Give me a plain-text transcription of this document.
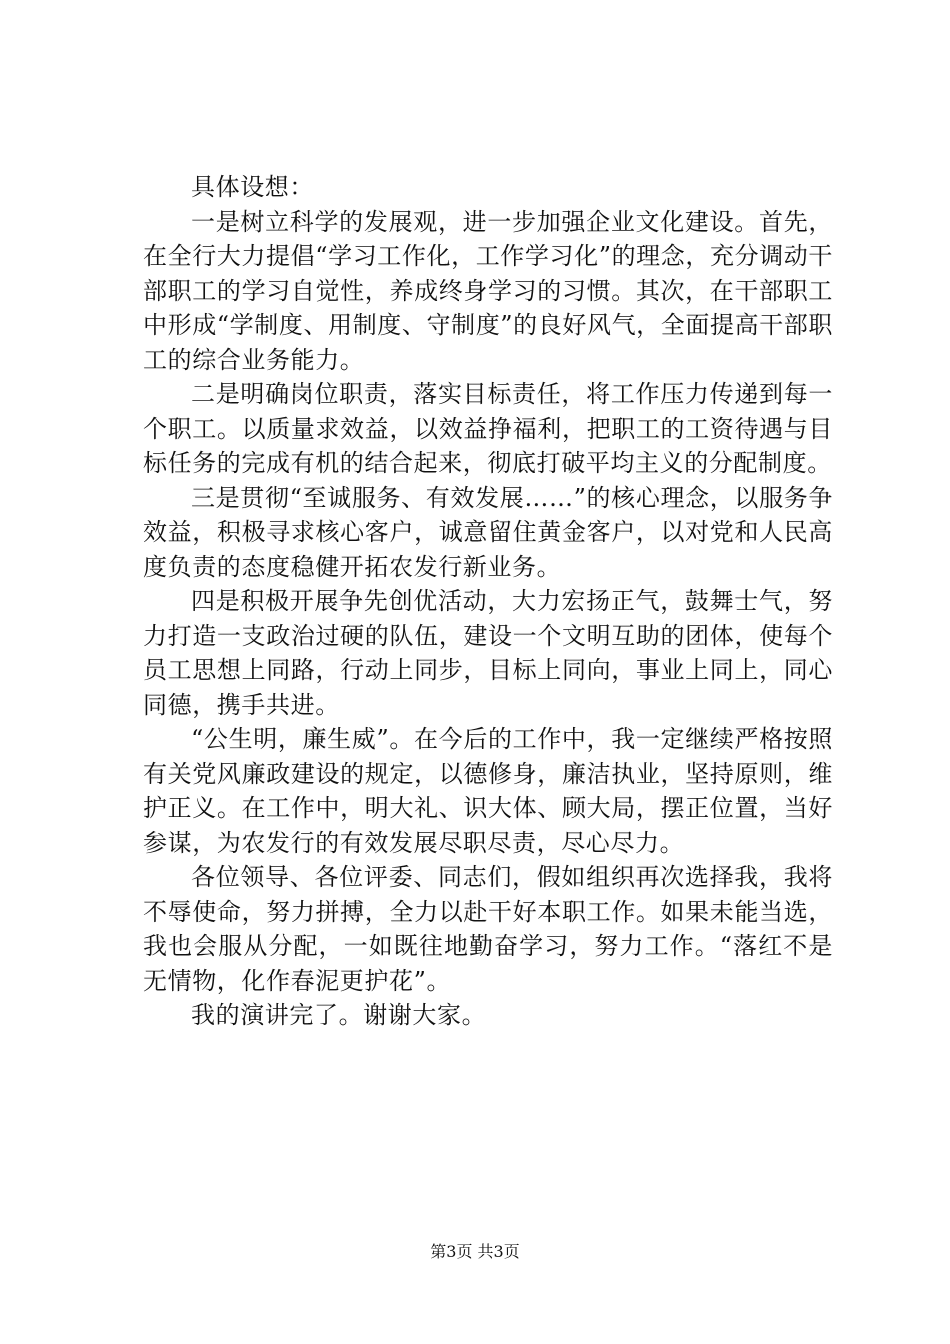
具体设想：

一是树立科学的发展观，进一步加强企业文化建设。首先，在全行大力提倡“学习工作化，工作学习化”的理念，充分调动干部职工的学习自觉性，养成终身学习的习惯。其次，在干部职工中形成“学制度、用制度、守制度”的良好风气，全面提高干部职工的综合业务能力。

二是明确岗位职责，落实目标责任，将工作压力传递到每一个职工。以质量求效益，以效益挣福利，把职工的工资待遇与目标任务的完成有机的结合起来，彻底打破平均主义的分配制度。

三是贯彻“至诚服务、有效发展……”的核心理念，以服务争效益，积极寻求核心客户，诚意留住黄金客户，以对党和人民高度负责的态度稳健开拓农发行新业务。

四是积极开展争先创优活动，大力宏扬正气，鼓舞士气，努力打造一支政治过硬的队伍，建设一个文明互助的团体，使每个员工思想上同路，行动上同步，目标上同向，事业上同上，同心同德，携手共进。

“公生明，廉生威”。在今后的工作中，我一定继续严格按照有关党风廉政建设的规定，以德修身，廉洁执业，坚持原则，维护正义。在工作中，明大礼、识大体、顾大局，摆正位置，当好参谋，为农发行的有效发展尽职尽责，尽心尽力。

各位领导、各位评委、同志们，假如组织再次选择我，我将不辱使命，努力拼搏，全力以赴干好本职工作。如果未能当选，我也会服从分配，一如既往地勤奋学习，努力工作。“落红不是无情物，化作春泥更护花”。

我的演讲完了。谢谢大家。

第3页 共3页
